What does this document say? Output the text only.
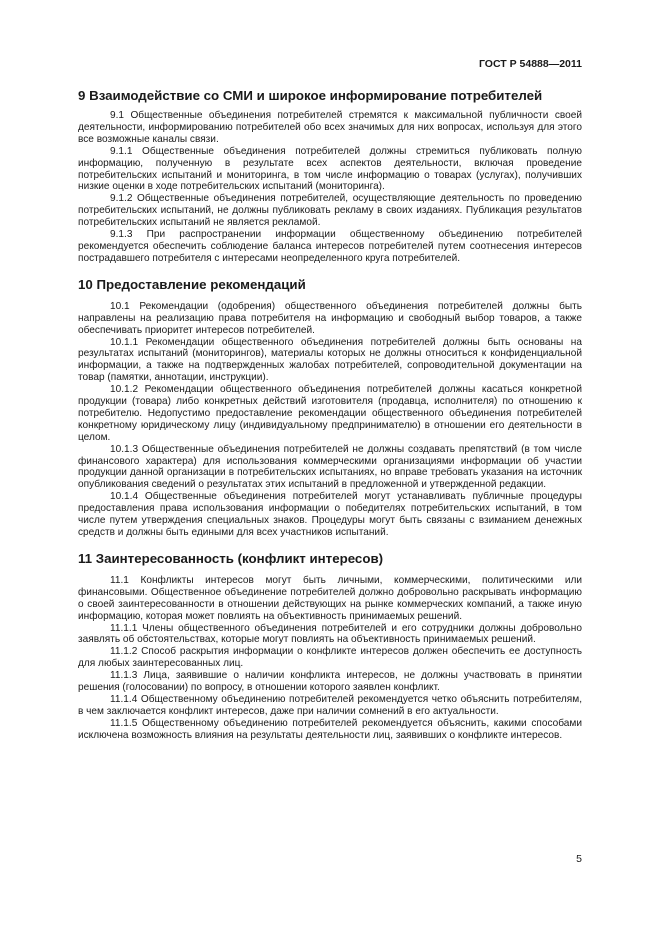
ГОСТ Р 54888—2011
9 Взаимодействие со СМИ и широкое информирование потребителей

9.1 Общественные объединения потребителей стремятся к максимальной публичности своей деятельности, информированию потребителей обо всех значимых для них вопросах, используя для этого все возможные каналы связи.

9.1.1 Общественные объединения потребителей должны стремиться публиковать полную информацию, полученную в результате всех аспектов деятельности, включая проведение потребительских испытаний и мониторинга, в том числе информацию о товарах (услугах), получивших низкие оценки в ходе потребительских испытаний (мониторинга).

9.1.2 Общественные объединения потребителей, осуществляющие деятельность по проведению потребительских испытаний, не должны публиковать рекламу в своих изданиях. Публикация результатов потребительских испытаний не является рекламой.

9.1.3 При распространении информации общественному объединению потребителей рекомендуется обеспечить соблюдение баланса интересов потребителей путем соотнесения интересов пострадавшего потребителя с интересами неопределенного круга потребителей.

10 Предоставление рекомендаций

10.1 Рекомендации (одобрения) общественного объединения потребителей должны быть направлены на реализацию права потребителя на информацию и свободный выбор товаров, а также обеспечивать приоритет интересов потребителей.

10.1.1 Рекомендации общественного объединения потребителей должны быть основаны на результатах испытаний (мониторингов), материалы которых не должны относиться к конфиденциальной информации, а также на подтвержденных жалобах потребителей, сопроводительной документации на товар (памятки, аннотации, инструкции).

10.1.2 Рекомендации общественного объединения потребителей должны касаться конкретной продукции (товара) либо конкретных действий изготовителя (продавца, исполнителя) по отношению к потребителю. Недопустимо предоставление рекомендации общественного объединения потребителей конкретному юридическому лицу (индивидуальному предпринимателю) в отношении его деятельности в целом.

10.1.3 Общественные объединения потребителей не должны создавать препятствий (в том числе финансового характера) для использования коммерческими организациями информации об участии продукции данной организации в потребительских испытаниях, но вправе требовать указания на источник опубликования сведений о результатах этих испытаний в предложенной и утвержденной редакции.

10.1.4 Общественные объединения потребителей могут устанавливать публичные процедуры предоставления права использования информации о победителях потребительских испытаний, в том числе путем утверждения специальных знаков. Процедуры могут быть связаны с взиманием денежных средств и должны быть едиными для всех участников испытаний.

11 Заинтересованность (конфликт интересов)

11.1 Конфликты интересов могут быть личными, коммерческими, политическими или финансовыми. Общественное объединение потребителей должно добровольно раскрывать информацию о своей заинтересованности в отношении действующих на рынке коммерческих компаний, а также иную информацию, которая может повлиять на объективность принимаемых решений.

11.1.1 Члены общественного объединения потребителей и его сотрудники должны добровольно заявлять об обстоятельствах, которые могут повлиять на объективность принимаемых решений.

11.1.2 Способ раскрытия информации о конфликте интересов должен обеспечить ее доступность для любых заинтересованных лиц.

11.1.3 Лица, заявившие о наличии конфликта интересов, не должны участвовать в принятии решения (голосовании) по вопросу, в отношении которого заявлен конфликт.

11.1.4 Общественному объединению потребителей рекомендуется четко объяснить потребителям, в чем заключается конфликт интересов, даже при наличии сомнений в его актуальности.

11.1.5 Общественному объединению потребителей рекомендуется объяснить, какими способами исключена возможность влияния на результаты деятельности лиц, заявивших о конфликте интересов.

5
